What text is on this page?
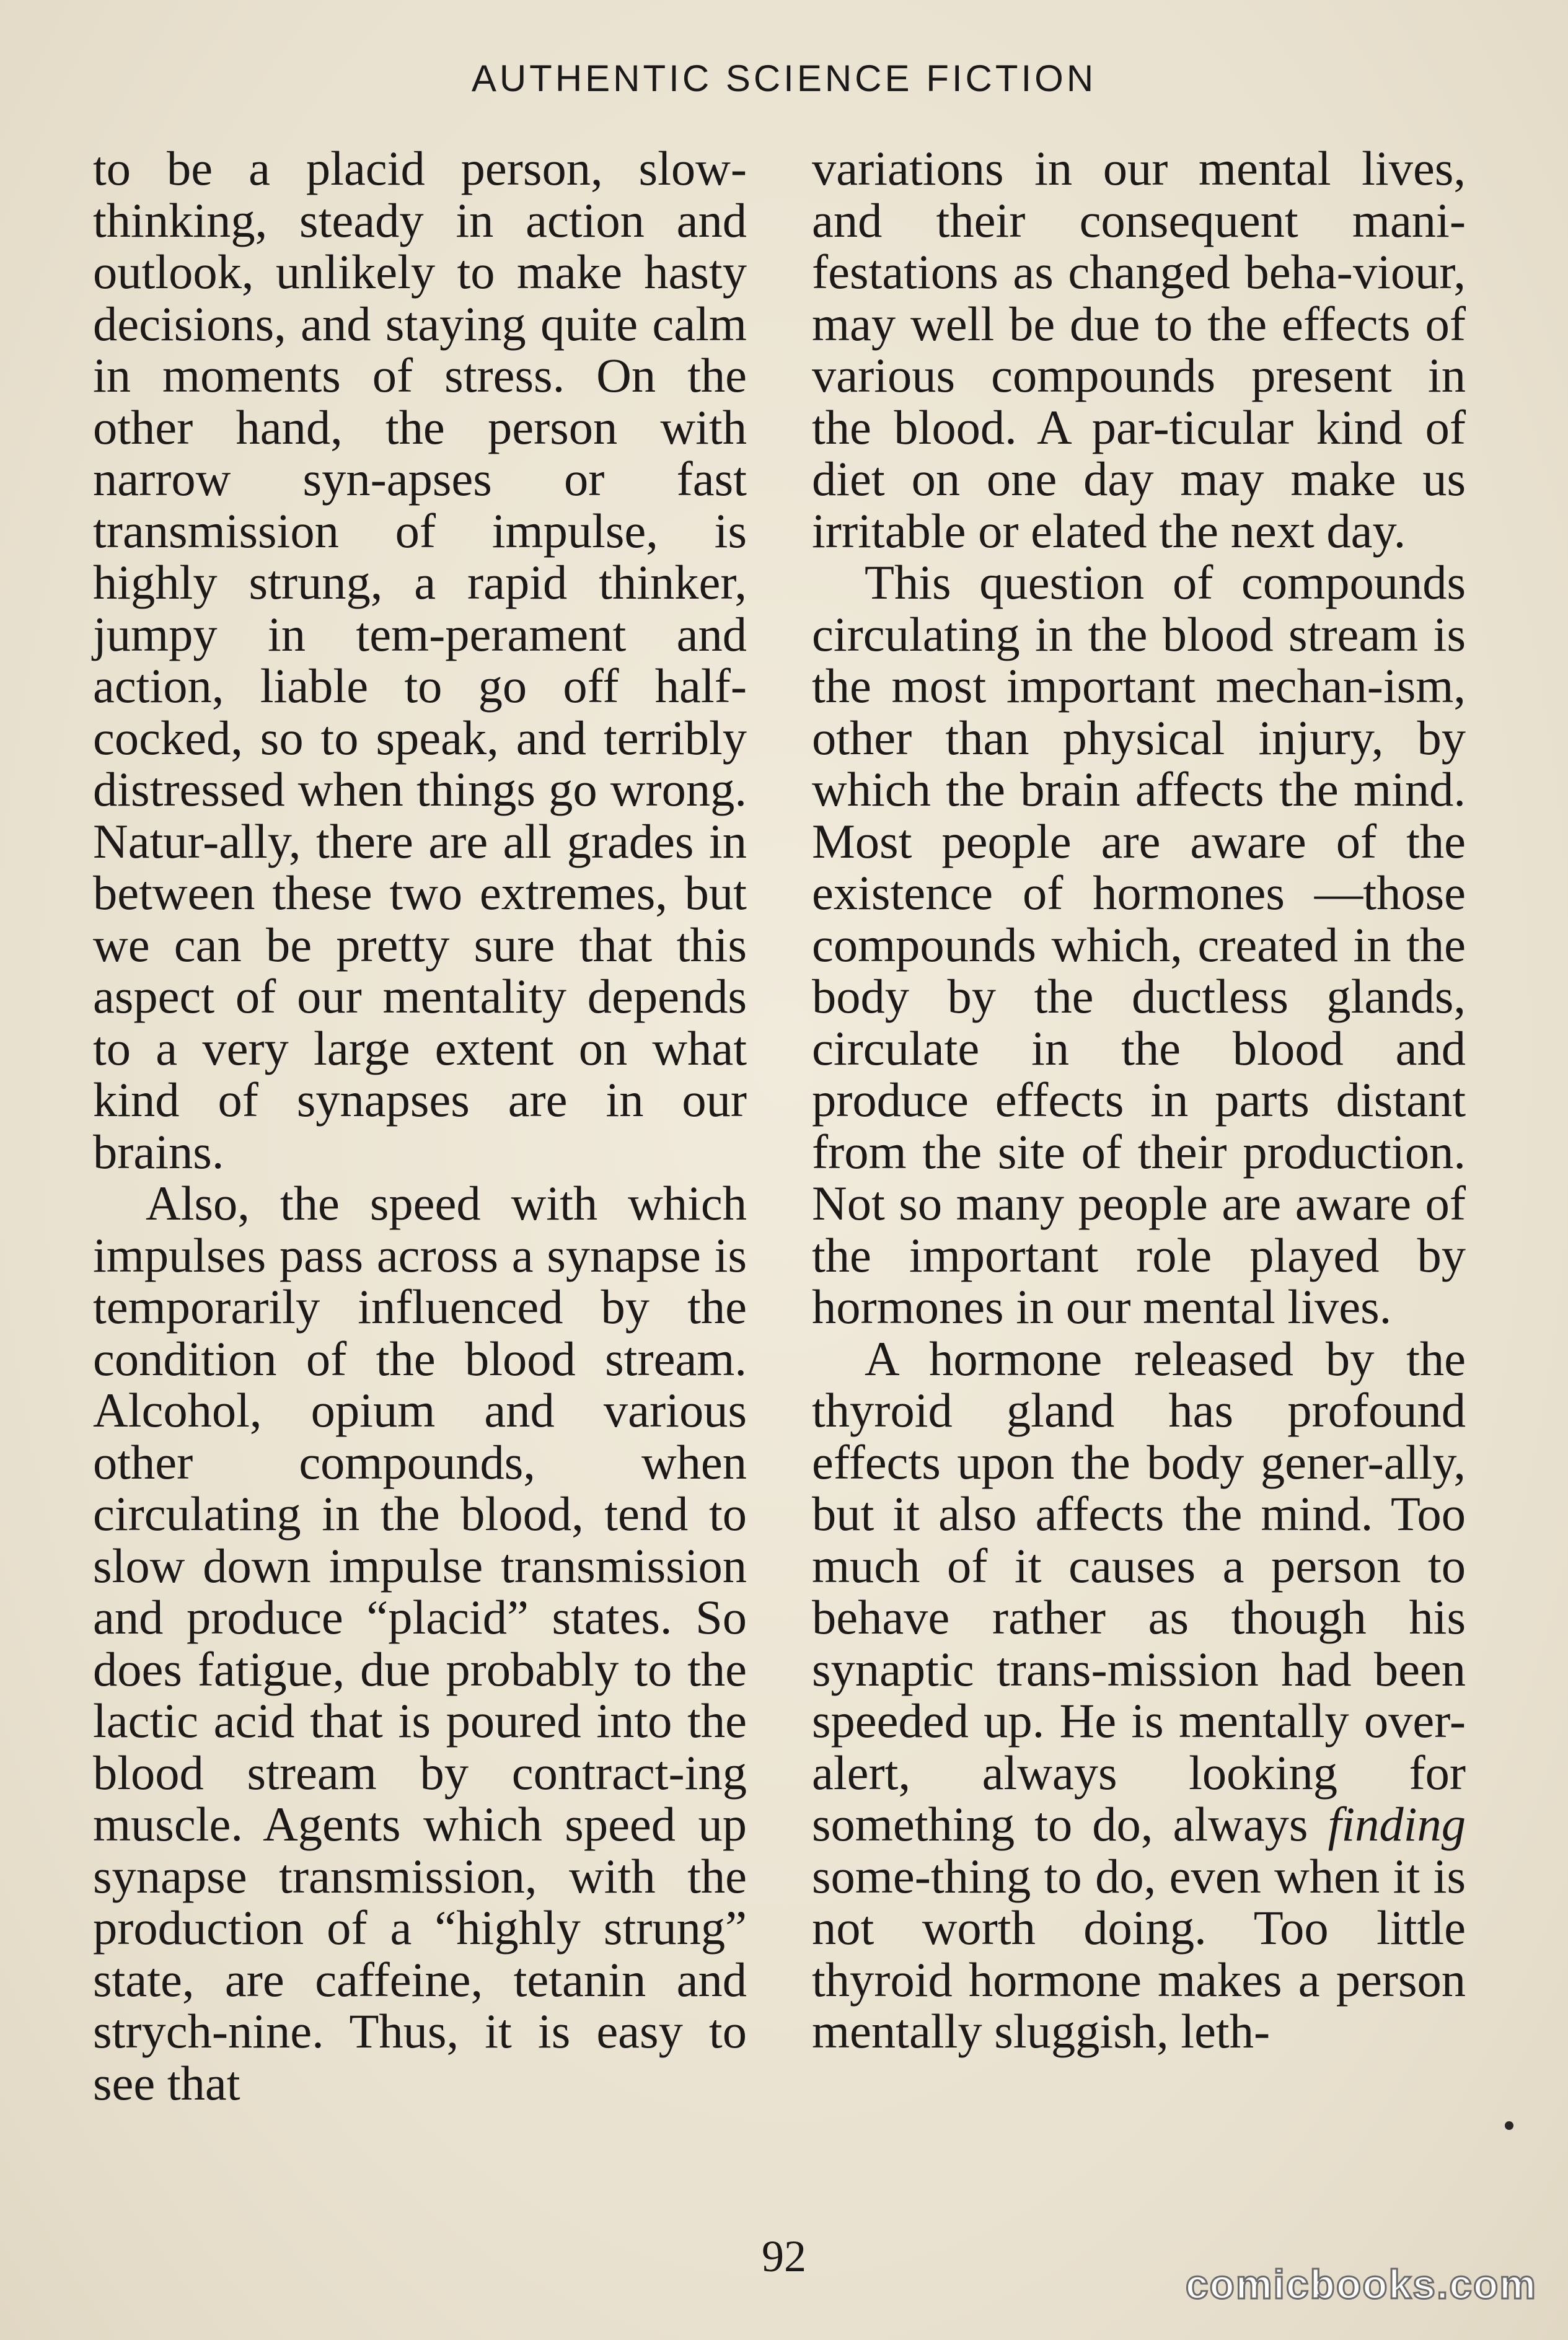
AUTHENTIC SCIENCE FICTION

to be a placid person, slow-thinking, steady in action and outlook, unlikely to make hasty decisions, and staying quite calm in moments of stress. On the other hand, the person with narrow syn-apses or fast transmission of impulse, is highly strung, a rapid thinker, jumpy in tem-perament and action, liable to go off half-cocked, so to speak, and terribly distressed when things go wrong. Natur-ally, there are all grades in between these two extremes, but we can be pretty sure that this aspect of our mentality depends to a very large extent on what kind of synapses are in our brains.

Also, the speed with which impulses pass across a synapse is temporarily influenced by the condition of the blood stream. Alcohol, opium and various other compounds, when circulating in the blood, tend to slow down impulse transmission and produce “placid” states. So does fatigue, due probably to the lactic acid that is poured into the blood stream by contract-ing muscle. Agents which speed up synapse transmission, with the production of a “highly strung” state, are caffeine, tetanin and strych-nine. Thus, it is easy to see that

variations in our mental lives, and their consequent mani-festations as changed beha-viour, may well be due to the effects of various compounds present in the blood. A par-ticular kind of diet on one day may make us irritable or elated the next day.

This question of compounds circulating in the blood stream is the most important mechan-ism, other than physical injury, by which the brain affects the mind. Most people are aware of the existence of hormones —those compounds which, created in the body by the ductless glands, circulate in the blood and produce effects in parts distant from the site of their production. Not so many people are aware of the important role played by hormones in our mental lives.

A hormone released by the thyroid gland has profound effects upon the body gener-ally, but it also affects the mind. Too much of it causes a person to behave rather as though his synaptic trans-mission had been speeded up. He is mentally over-alert, always looking for something to do, always finding some-thing to do, even when it is not worth doing. Too little thyroid hormone makes a person mentally sluggish, leth-

92
comicbooks.com
